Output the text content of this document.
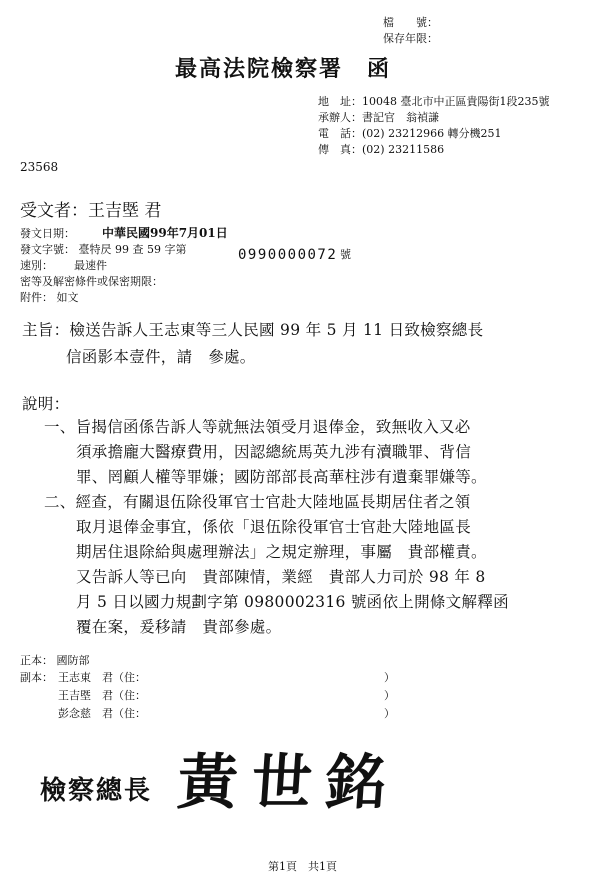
檔　　號：
保存年限：
最高法院檢察署　函
地　址：10048 臺北市中正區貴陽街1段235號
承辦人：書記官　翁禎謙
電　話：(02) 23212966 轉分機251
傳　真：(02) 23211586
23568
受文者：王吉塈 君
發文日期： 中華民國99年7月01日
發文字號： 臺特昃 99 查 59 字第	0990000072 號
速別： 最速件
密等及解密條件或保密期限：
附件： 如文
主旨：檢送告訴人王志東等三人民國 99 年 5 月 11 日致檢察總長
信函影本壹件，請　參處。
說明：
一、旨揭信函係告訴人等就無法領受月退俸金，致無收入又必
須承擔龐大醫療費用，因認總統馬英九涉有瀆職罪、背信
罪、罔顧人權等罪嫌；國防部部長高華柱涉有遺棄罪嫌等。
二、經查，有關退伍除役軍官士官赴大陸地區長期居住者之領
取月退俸金事宜，係依「退伍除役軍官士官赴大陸地區長
期居住退除給與處理辦法」之規定辦理，事屬　貴部權責。
又告訴人等已向　貴部陳情，業經　貴部人力司於 98 年 8
月 5 日以國力規劃字第 0980002316 號函依上開條文解釋函
覆在案，爰移請　貴部參處。
正本： 國防部
副本： 王志東　君（住：	）
王吉塈　君（住：	）
彭念慈　君（住：	）
檢察總長 黃世銘
第1頁　共1頁
